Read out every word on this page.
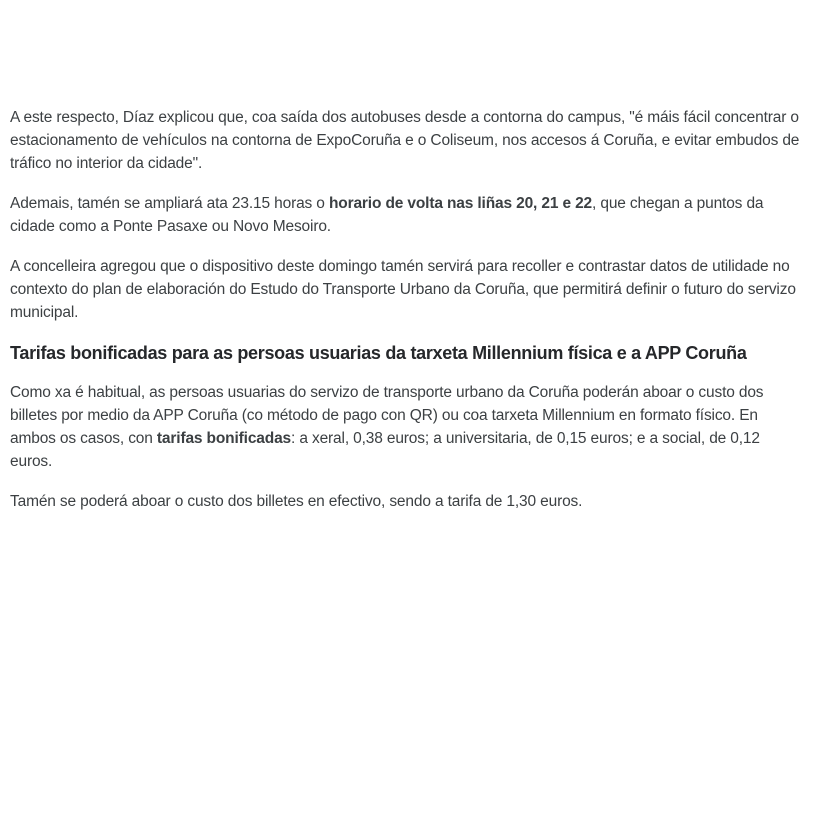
A este respecto, Díaz explicou que, coa saída dos autobuses desde a contorna do campus, "é máis fácil concentrar o estacionamento de vehículos na contorna de ExpoCoruña e o Coliseum, nos accesos á Coruña, e evitar embudos de tráfico no interior da cidade".

Ademais, tamén se ampliará ata 23.15 horas o horario de volta nas liñas 20, 21 e 22, que chegan a puntos da cidade como a Ponte Pasaxe ou Novo Mesoiro.

A concelleira agregou que o dispositivo deste domingo tamén servirá para recoller e contrastar datos de utilidade no contexto do plan de elaboración do Estudo do Transporte Urbano da Coruña, que permitirá definir o futuro do servizo municipal.

Tarifas bonificadas para as persoas usuarias da tarxeta Millennium física e a APP Coruña

Como xa é habitual, as persoas usuarias do servizo de transporte urbano da Coruña poderán aboar o custo dos billetes por medio da APP Coruña (co método de pago con QR) ou coa tarxeta Millennium en formato físico. En ambos os casos, con tarifas bonificadas: a xeral, 0,38 euros; a universitaria, de 0,15 euros; e a social, de 0,12 euros.

Tamén se poderá aboar o custo dos billetes en efectivo, sendo a tarifa de 1,30 euros.
